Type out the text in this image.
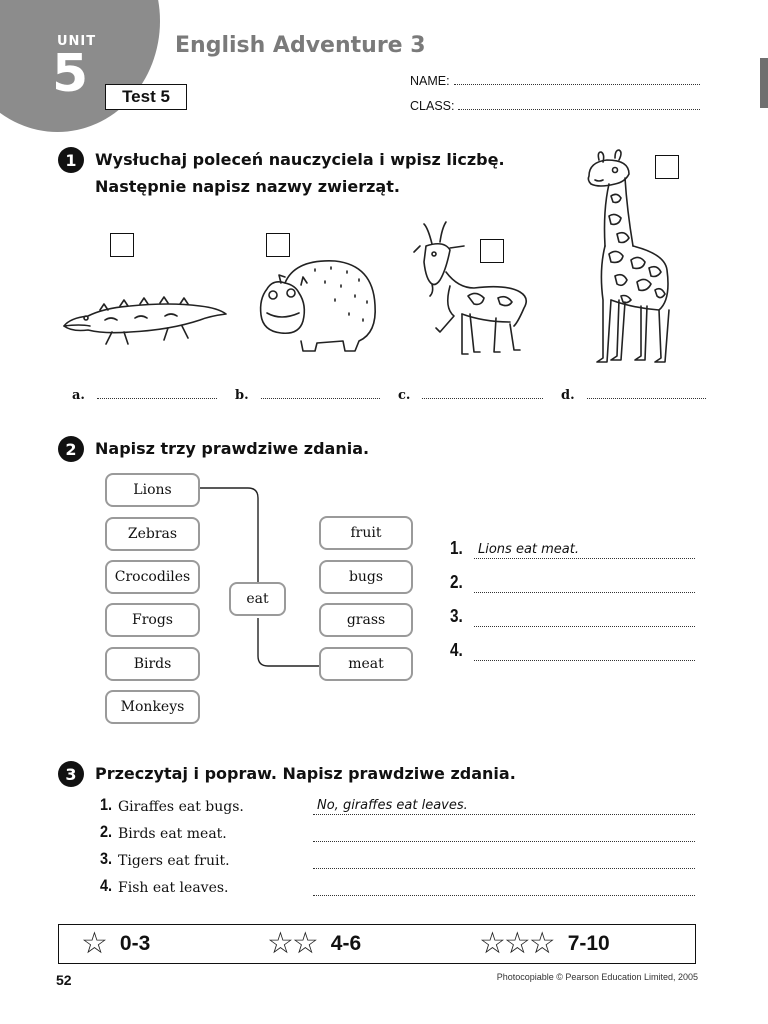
UNIT
5	Test 5
English Adventure 3
NAME:
CLASS:
1	Wysłuchaj poleceń nauczyciela i wpisz liczbę.
Następnie napisz nazwy zwierząt.
a.	b.	c.	d.
2	Napisz trzy prawdziwe zdania.
Lions
Zebras
Crocodiles
Frogs
Birds
Monkeys
eat
fruit
bugs
grass
meat
1.	Lions eat meat.
2.
3.
4.
3	Przeczytaj i popraw. Napisz prawdziwe zdania.
1. Giraffes eat bugs.	No, giraffes eat leaves.
2. Birds eat meat.
3. Tigers eat fruit.
4. Fish eat leaves.
☆ 0-3	☆☆ 4-6	☆☆☆ 7-10
52	Photocopiable © Pearson Education Limited, 2005
